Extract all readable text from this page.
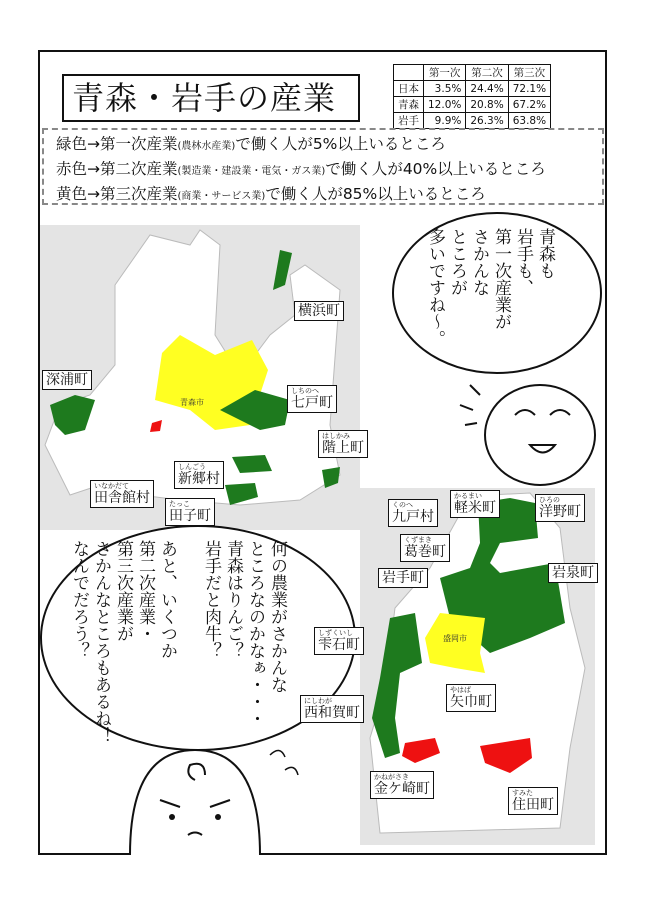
青森・岩手の産業
	第一次	第二次	第三次
日本	3.5%	24.4%	72.1%
青森	12.0%	20.8%	67.2%
岩手	9.9%	26.3%	63.8%
緑色→第一次産業(農林水産業)で働く人が5%以上いるところ
赤色→第二次産業(製造業・建設業・電気・ガス業)で働く人が40%以上いるところ
黄色→第三次産業(商業・サービス業)で働く人が85%以上いるところ
青森市
横浜町
深浦町
しちのへ
七戸町
はしかみ
階上町
しんごう
新郷村
いなかだて
田舎館村	たっこ
田子町
盛岡市
くのへ
九戸村
かるまい
軽米町	ひろの
洋野町
くずまき
葛巻町
岩手町	岩泉町
しずくいし
雫石町
にしわが
西和賀町
やはば
矢巾町
かねがさき
金ケ崎町	すみた
住田町
青森も
岩手も、
第一次産業が
さかんな
ところが
多いですね～。
何の農業がさかんな
ところなのかなぁ・・・
青森はりんご？
岩手だと肉牛？

あと、いくつか
第二次産業・
第三次産業が
さかんなところもあるね！
なんでだろう？
